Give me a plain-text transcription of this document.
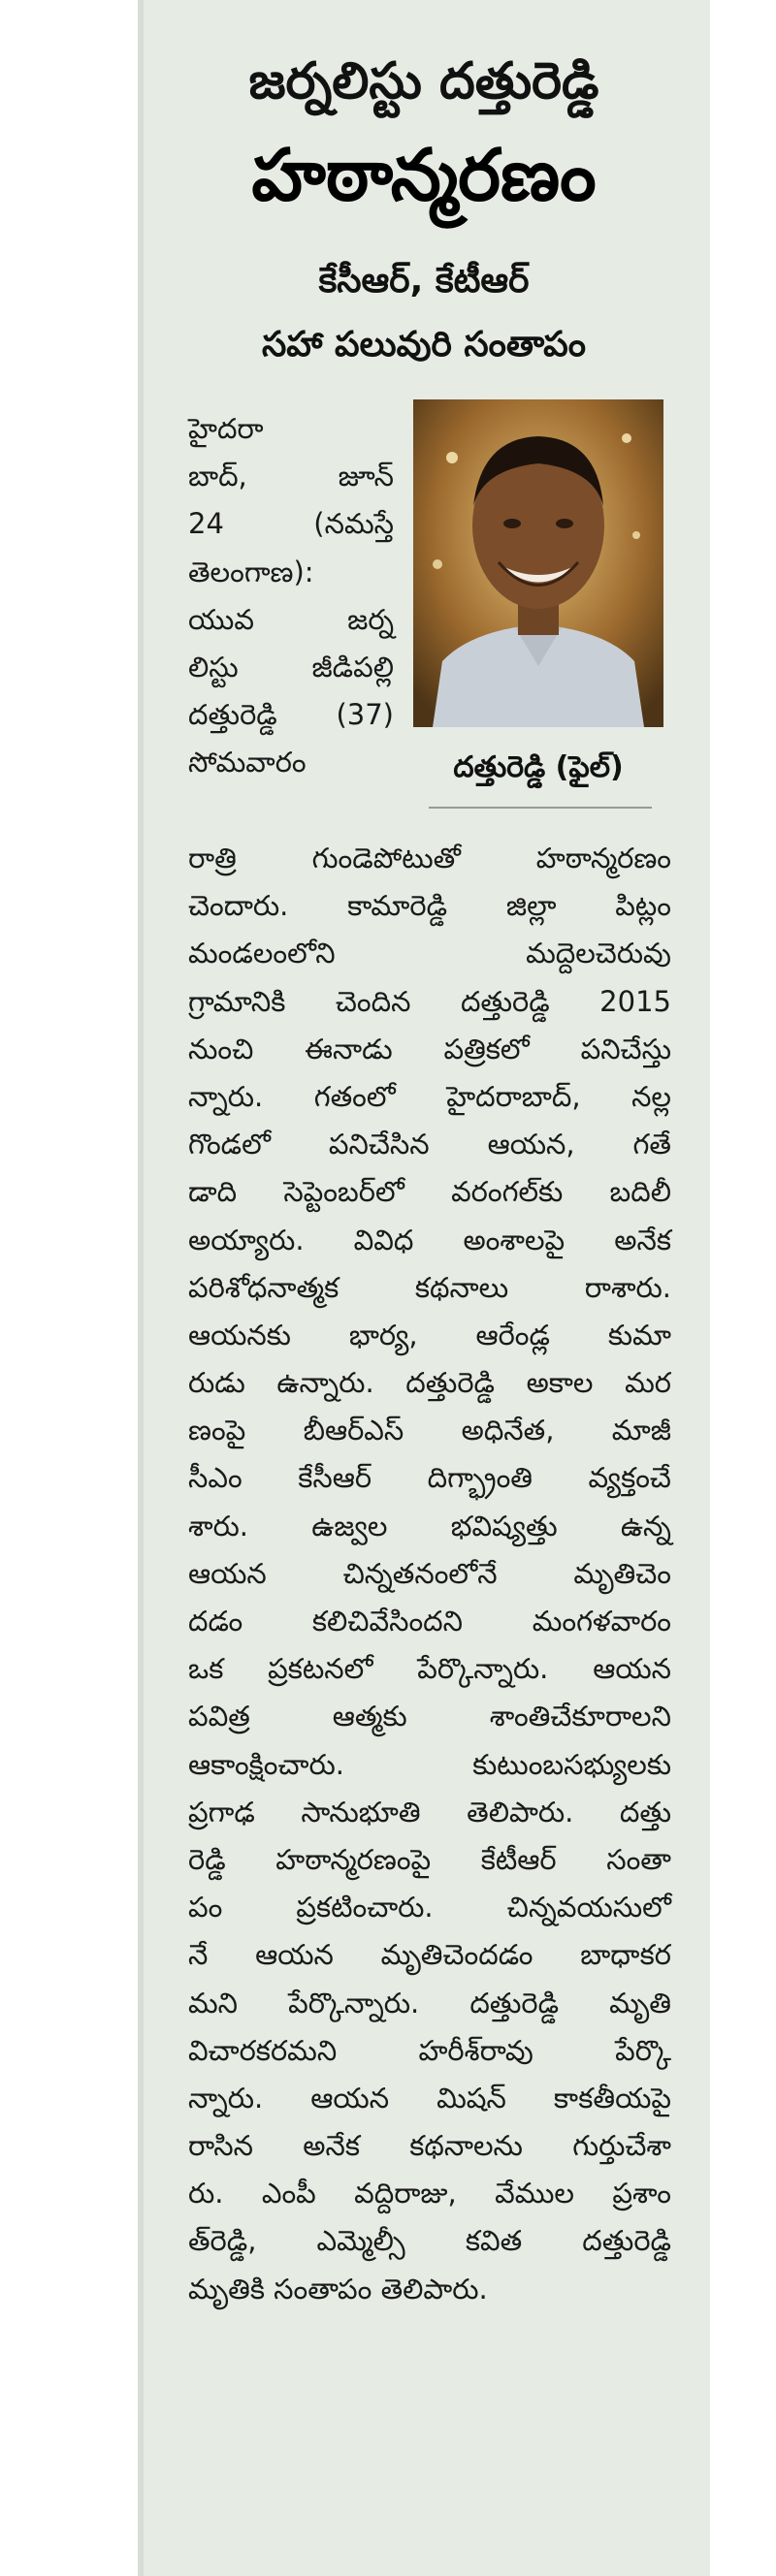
జర్నలిస్టు దత్తురెడ్డి
హఠాన్మరణం
కేసీఆర్‌, కేటీఆర్‌
సహా పలువురి సంతాపం
దత్తురెడ్డి (ఫైల్‌)
హైదరా
బాద్‌,	జూన్‌
24	(నమస్తే
తెలంగాణ):
యువ	జర్న
లిస్టు	జీడిపల్లి
దత్తురెడ్డి (37)
సోమవారం
రాత్రి	గుండెపోటుతో	హఠాన్మరణం
చెందారు. కామారెడ్డి జిల్లా పిట్లం
మండలంలోని	మద్దెలచెరువు
గ్రామానికి చెందిన దత్తురెడ్డి 2015
నుంచి ఈనాడు పత్రికలో పనిచేస్తు
న్నారు. గతంలో హైదరాబాద్‌, నల్ల
గొండలో పనిచేసిన ఆయన, గతే
డాది సెప్టెంబర్‌లో వరంగల్‌కు బదిలీ
అయ్యారు. వివిధ అంశాలపై అనేక
పరిశోధనాత్మక	కథనాలు	రాశారు.
ఆయనకు భార్య, ఆరేండ్ల కుమా
రుడు ఉన్నారు. దత్తురెడ్డి అకాల మర
ణంపై బీఆర్‌ఎస్‌ అధినేత, మాజీ
సీఎం కేసీఆర్‌ దిగ్భ్రాంతి వ్యక్తంచే
శారు. ఉజ్వల భవిష్యత్తు ఉన్న
ఆయన	చిన్నతనంలోనే	మృతిచెం
దడం కలిచివేసిందని మంగళవారం
ఒక ప్రకటనలో పేర్కొన్నారు. ఆయన
పవిత్ర	ఆత్మకు	శాంతిచేకూరాలని
ఆకాంక్షించారు.	కుటుంబసభ్యులకు
ప్రగాఢ సానుభూతి తెలిపారు. దత్తు
రెడ్డి హఠాన్మరణంపై కేటీఆర్‌ సంతా
పం	ప్రకటించారు.	చిన్నవయసులో
నే ఆయన మృతిచెందడం బాధాకర
మని పేర్కొన్నారు. దత్తురెడ్డి మృతి
విచారకరమని	హరీశ్‌రావు	పేర్కొ
న్నారు. ఆయన మిషన్‌ కాకతీయపై
రాసిన అనేక కథనాలను గుర్తుచేశా
రు. ఎంపీ వద్దిరాజు, వేముల ప్రశాం
త్‌రెడ్డి, ఎమ్మెల్సీ కవిత దత్తురెడ్డి
మృతికి సంతాపం తెలిపారు.
